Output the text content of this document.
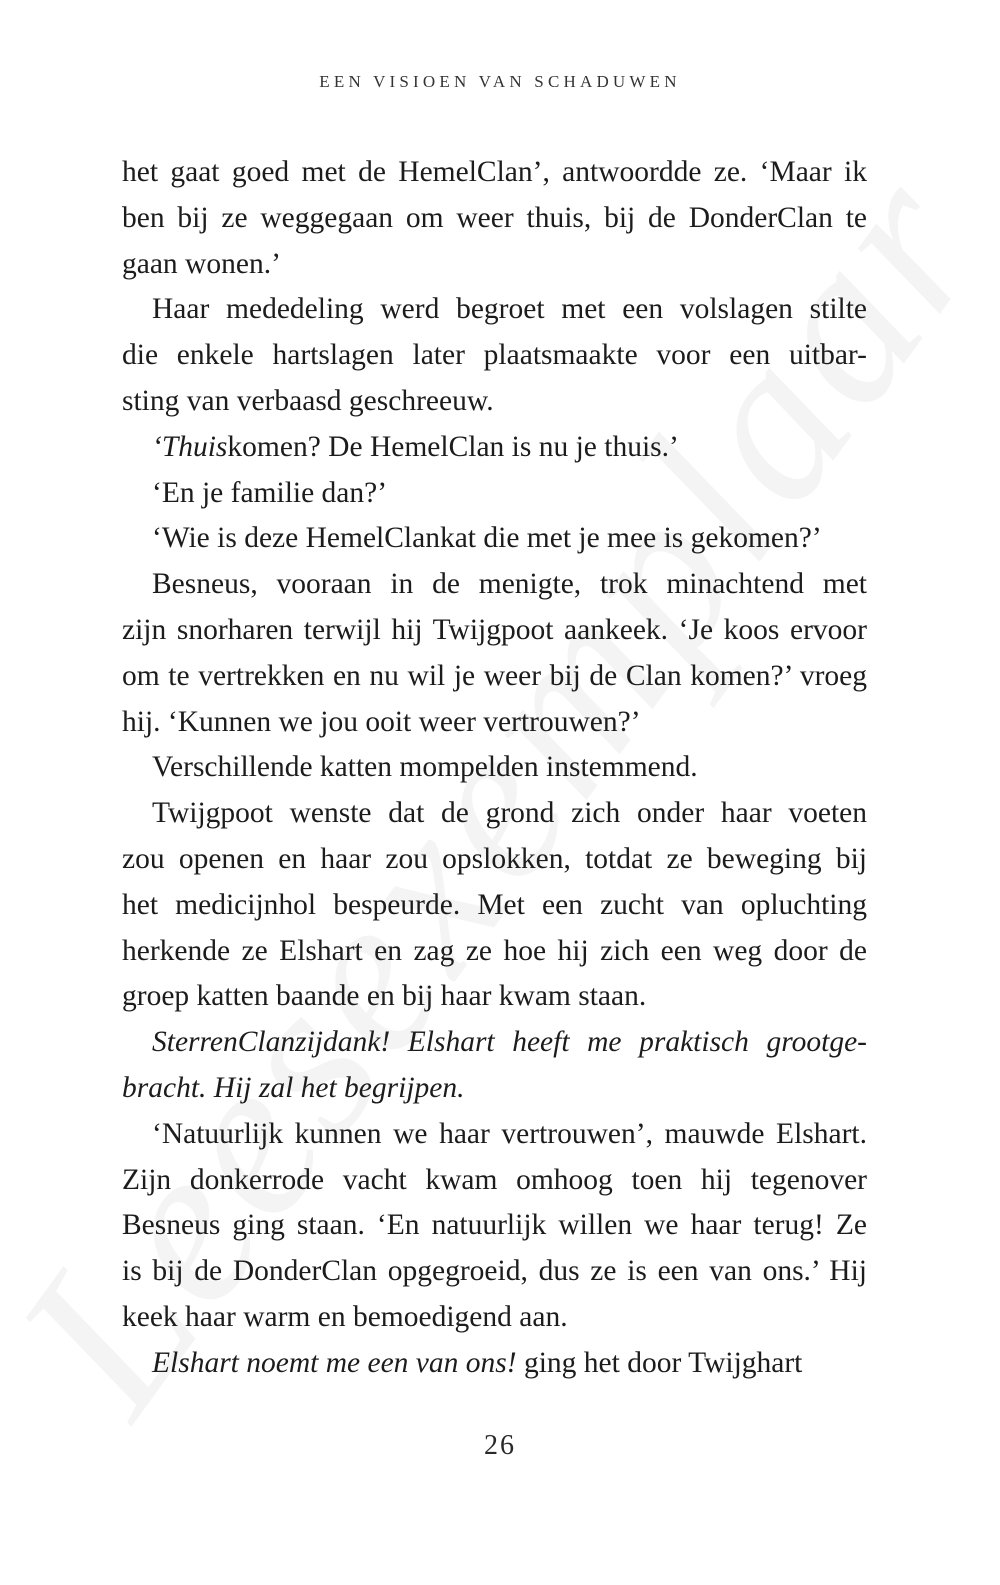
EEN VISIOEN VAN SCHADUWEN
het gaat goed met de HemelClan’, antwoordde ze. ‘Maar ik
ben bij ze weggegaan om weer thuis, bij de DonderClan te
gaan wonen.’
Haar mededeling werd begroet met een volslagen stilte
die enkele hartslagen later plaatsmaakte voor een uitbar-
sting van verbaasd geschreeuw.
‘Thuiskomen? De HemelClan is nu je thuis.’
‘En je familie dan?’
‘Wie is deze HemelClankat die met je mee is gekomen?’
Besneus, vooraan in de menigte, trok minachtend met
zijn snorharen terwijl hij Twijgpoot aankeek. ‘Je koos ervoor
om te vertrekken en nu wil je weer bij de Clan komen?’ vroeg
hij. ‘Kunnen we jou ooit weer vertrouwen?’
Verschillende katten mompelden instemmend.
Twijgpoot wenste dat de grond zich onder haar voeten
zou openen en haar zou opslokken, totdat ze beweging bij
het medicijnhol bespeurde. Met een zucht van opluchting
herkende ze Elshart en zag ze hoe hij zich een weg door de
groep katten baande en bij haar kwam staan.
SterrenClanzijdank! Elshart heeft me praktisch grootge-
bracht. Hij zal het begrijpen.
‘Natuurlijk kunnen we haar vertrouwen’, mauwde Elshart.
Zijn donkerrode vacht kwam omhoog toen hij tegenover
Besneus ging staan. ‘En natuurlijk willen we haar terug! Ze
is bij de DonderClan opgegroeid, dus ze is een van ons.’ Hij
keek haar warm en bemoedigend aan.
Elshart noemt me een van ons! ging het door Twijghart
26
